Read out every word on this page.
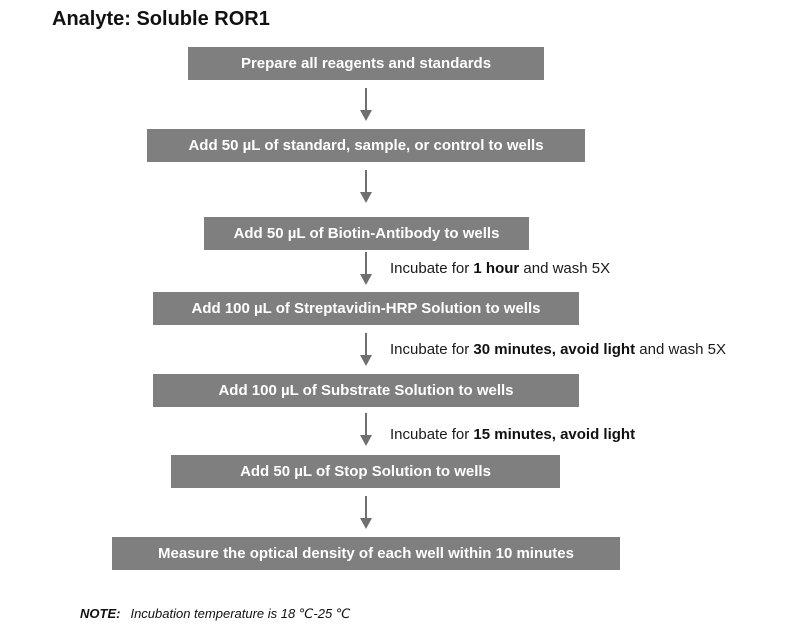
Analyte: Soluble ROR1
Prepare all reagents and standards
Add 50 µL of standard, sample, or control to wells
Add 50 µL of Biotin-Antibody to wells
Incubate for 1 hour and wash 5X
Add 100 µL of Streptavidin-HRP Solution to wells
Incubate for 30 minutes, avoid light and wash 5X
Add 100 µL of Substrate Solution to wells
Incubate for 15 minutes, avoid light
Add 50 µL of Stop Solution to wells
Measure the optical density of each well within 10 minutes
NOTE: Incubation temperature is 18 ℃-25 ℃
